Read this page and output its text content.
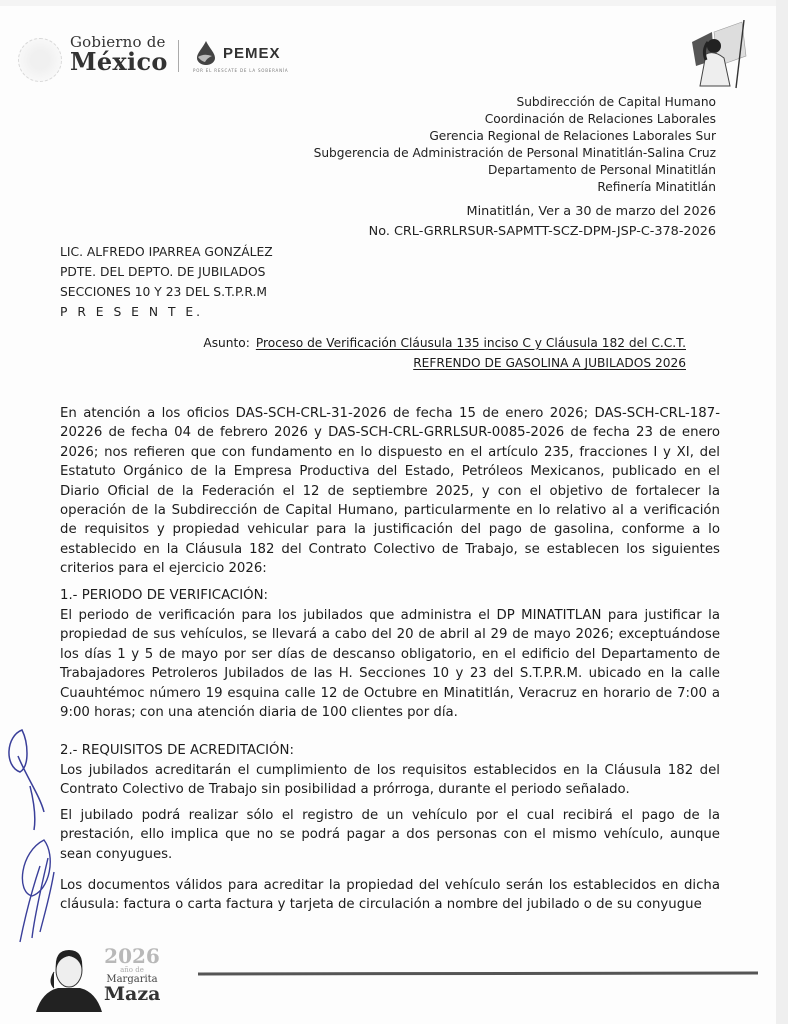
Gobierno de
México	PEMEX
POR EL RESCATE DE LA SOBERANÍA
Subdirección de Capital Humano
Coordinación de Relaciones Laborales
Gerencia Regional de Relaciones Laborales Sur
Subgerencia de Administración de Personal Minatitlán-Salina Cruz
Departamento de Personal Minatitlán
Refinería Minatitlán
Minatitlán, Ver a 30 de marzo del 2026
No. CRL-GRRLRSUR-SAPMTT-SCZ-DPM-JSP-C-378-2026
LIC. ALFREDO IPARREA GONZÁLEZ
PDTE. DEL DEPTO. DE JUBILADOS
SECCIONES 10 Y 23 DEL S.T.P.R.M
P R E S E N T E.
Asunto: Proceso de Verificación Cláusula 135 inciso C y Cláusula 182 del C.C.T.
REFRENDO DE GASOLINA A JUBILADOS 2026

En atención a los oficios DAS-SCH-CRL-31-2026 de fecha 15 de enero 2026; DAS-SCH-CRL-187-20226 de fecha 04 de febrero 2026 y DAS-SCH-CRL-GRRLSUR-0085-2026 de fecha 23 de enero 2026; nos refieren que con fundamento en lo dispuesto en el artículo 235, fracciones I y XI, del Estatuto Orgánico de la Empresa Productiva del Estado, Petróleos Mexicanos, publicado en el Diario Oficial de la Federación el 12 de septiembre 2025, y con el objetivo de fortalecer la operación de la Subdirección de Capital Humano, particularmente en lo relativo al a verificación de requisitos y propiedad vehicular para la justificación del pago de gasolina, conforme a lo establecido en la Cláusula 182 del Contrato Colectivo de Trabajo, se establecen los siguientes criterios para el ejercicio 2026:

1.- PERIODO DE VERIFICACIÓN:

El periodo de verificación para los jubilados que administra el DP MINATITLAN para justificar la propiedad de sus vehículos, se llevará a cabo del 20 de abril al 29 de mayo 2026; exceptuándose los días 1 y 5 de mayo por ser días de descanso obligatorio, en el edificio del Departamento de Trabajadores Petroleros Jubilados de las H. Secciones 10 y 23 del S.T.P.R.M. ubicado en la calle Cuauhtémoc número 19 esquina calle 12 de Octubre en Minatitlán, Veracruz en horario de 7:00 a 9:00 horas; con una atención diaria de 100 clientes por día.

2.- REQUISITOS DE ACREDITACIÓN:

Los jubilados acreditarán el cumplimiento de los requisitos establecidos en la Cláusula 182 del Contrato Colectivo de Trabajo sin posibilidad a prórroga, durante el periodo señalado.

El jubilado podrá realizar sólo el registro de un vehículo por el cual recibirá el pago de la prestación, ello implica que no se podrá pagar a dos personas con el mismo vehículo, aunque sean conyugues.

Los documentos válidos para acreditar la propiedad del vehículo serán los establecidos en dicha cláusula: factura o carta factura y tarjeta de circulación a nombre del jubilado o de su conyugue

2026
año de
Margarita
Maza
